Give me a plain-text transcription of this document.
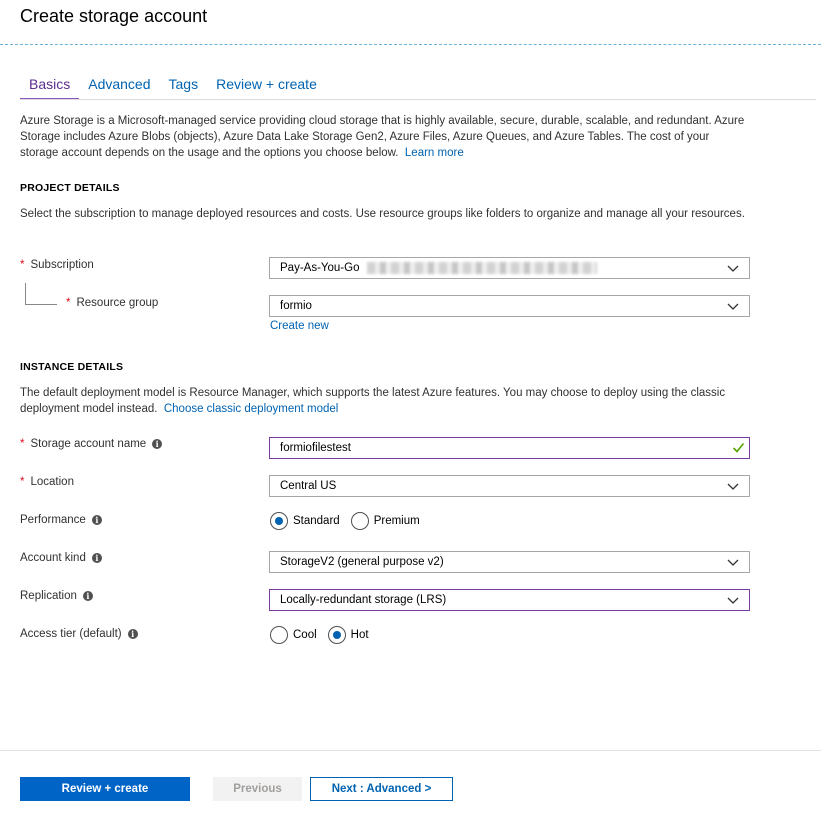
Create storage account
Basics	Advanced	Tags	Review + create
Azure Storage is a Microsoft-managed service providing cloud storage that is highly available, secure, durable, scalable, and redundant. Azure Storage includes Azure Blobs (objects), Azure Data Lake Storage Gen2, Azure Files, Azure Queues, and Azure Tables. The cost of your storage account depends on the usage and the options you choose below. Learn more
PROJECT DETAILS
Select the subscription to manage deployed resources and costs. Use resource groups like folders to organize and manage all your resources.
* Subscription	Pay-As-You-Go
* Resource group	formio
Create new
INSTANCE DETAILS
The default deployment model is Resource Manager, which supports the latest Azure features. You may choose to deploy using the classic deployment model instead. Choose classic deployment model
* Storage account name	i	formiofilestest
* Location	Central US
Performance	i	Standard	Premium
Account kind	i	StorageV2 (general purpose v2)
Replication	i	Locally-redundant storage (LRS)
Access tier (default)	i	Cool	Hot
Review + create	Previous	Next : Advanced >
